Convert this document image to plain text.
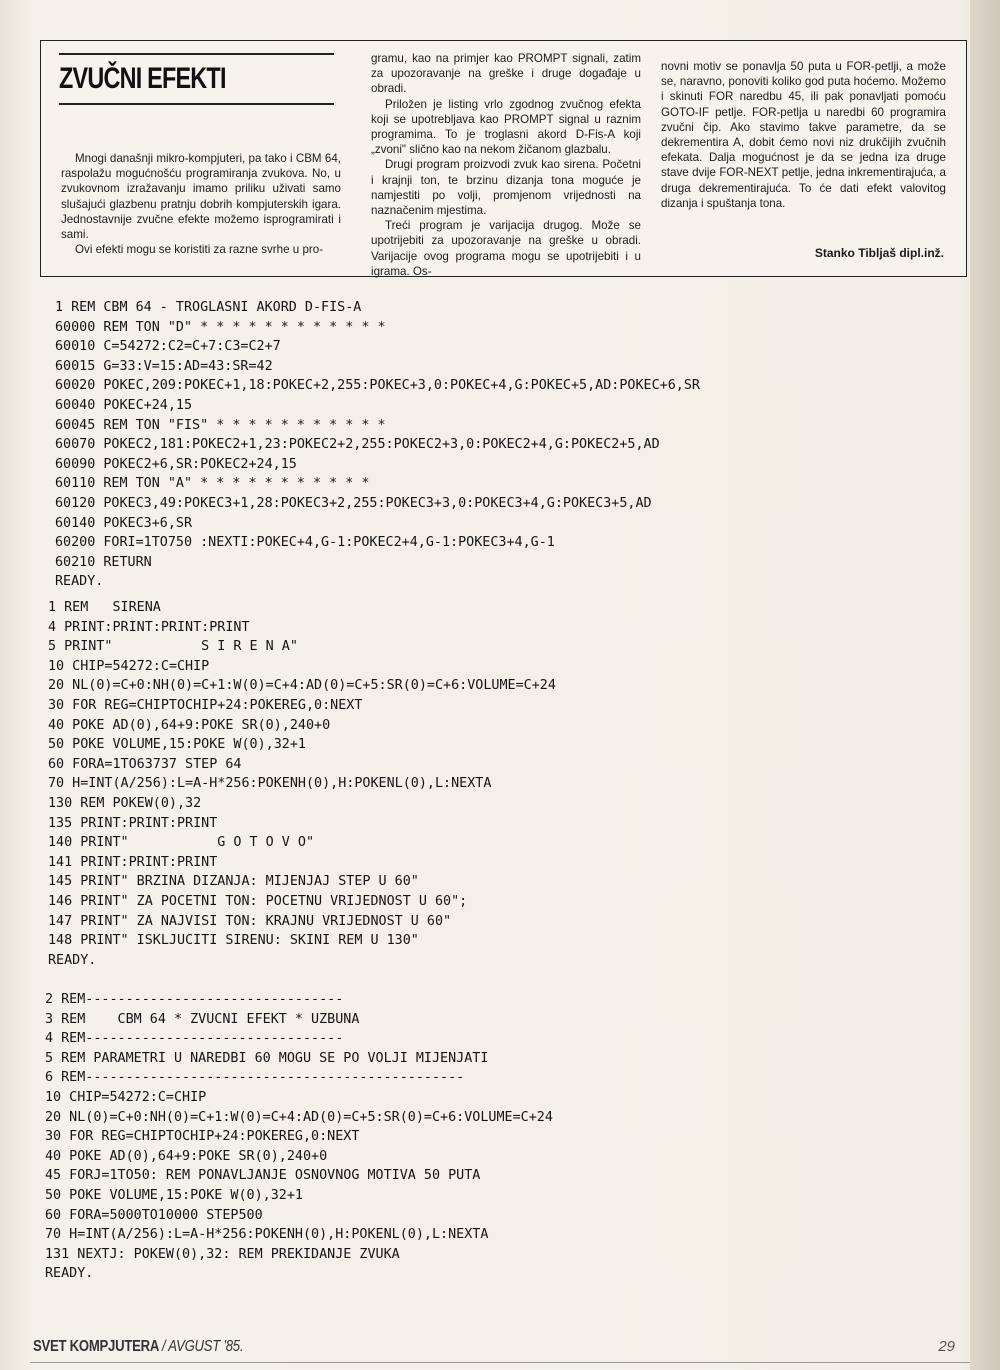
ZVUČNI EFEKTI

Mnogi današnji mikro-kompjuteri, pa tako i CBM 64, raspolažu mogućnošću programiranja zvukova. No, u zvukovnom izražavanju imamo priliku uživati samo slušajući glazbenu pratnju dobrih kompjuterskih igara. Jednostavnije zvučne efekte možemo isprogramirati i sami.

Ovi efekti mogu se koristiti za razne svrhe u pro-

gramu, kao na primjer kao PROMPT signali, zatim za upozoravanje na greške i druge događaje u obradi.

Priložen je listing vrlo zgodnog zvučnog efekta koji se upotrebljava kao PROMPT signal u raznim programima. To je troglasni akord D-Fis-A koji „zvoni" slično kao na nekom žičanom glazbalu.

Drugi program proizvodi zvuk kao sirena. Početni i krajnji ton, te brzinu dizanja tona moguće je namjestiti po volji, promjenom vrijednosti na naznačenim mjestima.

Treći program je varijacija drugog. Može se upotrijebiti za upozoravanje na greške u obradi. Varijacije ovog programa mogu se upotrijebiti i u igrama. Os-

novni motiv se ponavlja 50 puta u FOR-petlji, a može se, naravno, ponoviti koliko god puta hoćemo. Možemo i skinuti FOR naredbu 45, ili pak ponavljati pomoću GOTO-IF petlje. FOR-petlja u naredbi 60 programira zvučni čip. Ako stavimo takve parametre, da se dekrementira A, dobit ćemo novi niz drukčijih zvučnih efekata. Dalja mogućnost je da se jedna iza druge stave dvije FOR-NEXT petlje, jedna inkrementirajuća, a druga dekrementirajuća. To će dati efekt valovitog dizanja i spuštanja tona.

Stanko Tibljaš dipl.inž.
1 REM CBM 64 - TROGLASNI AKORD D-FIS-A
60000 REM TON "D" * * * * * * * * * * * *
60010 C=54272:C2=C+7:C3=C2+7
60015 G=33:V=15:AD=43:SR=42
60020 POKEC,209:POKEC+1,18:POKEC+2,255:POKEC+3,0:POKEC+4,G:POKEC+5,AD:POKEC+6,SR
60040 POKEC+24,15
60045 REM TON "FIS" * * * * * * * * * * *
60070 POKEC2,181:POKEC2+1,23:POKEC2+2,255:POKEC2+3,0:POKEC2+4,G:POKEC2+5,AD
60090 POKEC2+6,SR:POKEC2+24,15
60110 REM TON "A" * * * * * * * * * * *
60120 POKEC3,49:POKEC3+1,28:POKEC3+2,255:POKEC3+3,0:POKEC3+4,G:POKEC3+5,AD
60140 POKEC3+6,SR
60200 FORI=1TO750 :NEXTI:POKEC+4,G-1:POKEC2+4,G-1:POKEC3+4,G-1
60210 RETURN
READY.
1 REM   SIRENA
4 PRINT:PRINT:PRINT:PRINT
5 PRINT"           S I R E N A"
10 CHIP=54272:C=CHIP
20 NL(0)=C+0:NH(0)=C+1:W(0)=C+4:AD(0)=C+5:SR(0)=C+6:VOLUME=C+24
30 FOR REG=CHIPTOCHIP+24:POKEREG,0:NEXT
40 POKE AD(0),64+9:POKE SR(0),240+0
50 POKE VOLUME,15:POKE W(0),32+1
60 FORA=1TO63737 STEP 64
70 H=INT(A/256):L=A-H*256:POKENH(0),H:POKENL(0),L:NEXTA
130 REM POKEW(0),32
135 PRINT:PRINT:PRINT
140 PRINT"           G O T O V O"
141 PRINT:PRINT:PRINT
145 PRINT" BRZINA DIZANJA: MIJENJAJ STEP U 60"
146 PRINT" ZA POCETNI TON: POCETNU VRIJEDNOST U 60";
147 PRINT" ZA NAJVISI TON: KRAJNU VRIJEDNOST U 60"
148 PRINT" ISKLJUCITI SIRENU: SKINI REM U 130"
READY.
2 REM--------------------------------
3 REM    CBM 64 * ZVUCNI EFEKT * UZBUNA
4 REM--------------------------------
5 REM PARAMETRI U NAREDBI 60 MOGU SE PO VOLJI MIJENJATI
6 REM-----------------------------------------------
10 CHIP=54272:C=CHIP
20 NL(0)=C+0:NH(0)=C+1:W(0)=C+4:AD(0)=C+5:SR(0)=C+6:VOLUME=C+24
30 FOR REG=CHIPTOCHIP+24:POKEREG,0:NEXT
40 POKE AD(0),64+9:POKE SR(0),240+0
45 FORJ=1TO50: REM PONAVLJANJE OSNOVNOG MOTIVA 50 PUTA
50 POKE VOLUME,15:POKE W(0),32+1
60 FORA=5000TO10000 STEP500
70 H=INT(A/256):L=A-H*256:POKENH(0),H:POKENL(0),L:NEXTA
131 NEXTJ: POKEW(0),32: REM PREKIDANJE ZVUKA
READY.
SVET KOMPJUTERA / AVGUST '85.	29
